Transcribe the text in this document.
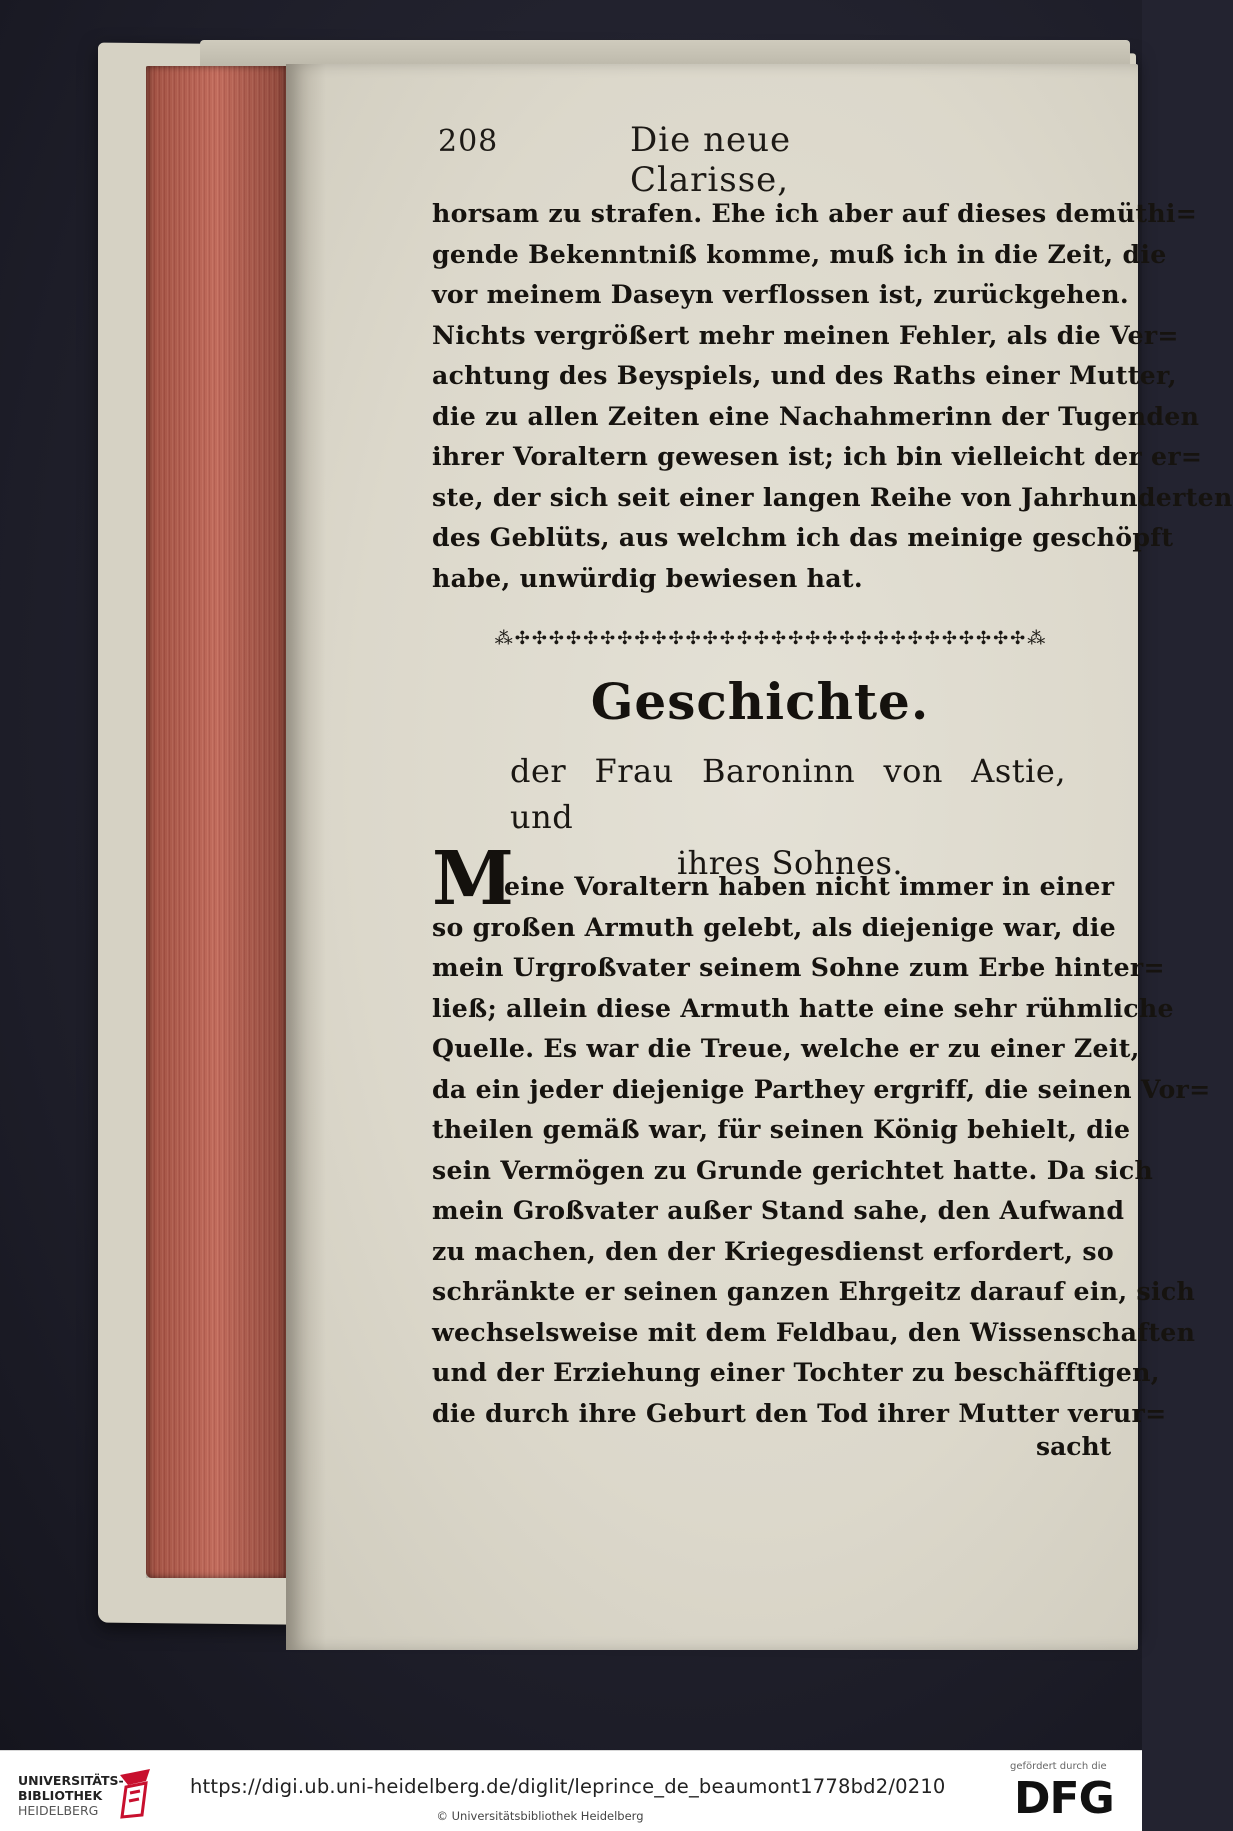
208	Die neue Clarisse,
horsam zu strafen. Ehe ich aber auf dieses demüthi=
gende Bekenntniß komme, muß ich in die Zeit, die
vor meinem Daseyn verflossen ist, zurückgehen.
Nichts vergrößert mehr meinen Fehler, als die Ver=
achtung des Beyspiels, und des Raths einer Mutter,
die zu allen Zeiten eine Nachahmerinn der Tugenden
ihrer Voraltern gewesen ist; ich bin vielleicht der er=
ste, der sich seit einer langen Reihe von Jahrhunderten
des Geblüts, aus welchm ich das meinige geschöpft
habe, unwürdig bewiesen hat.
⁂✣✣✣✣✣✣✣✣✣✣✣✣✣✣✣✣✣✣✣✣✣✣✣✣✣✣✣✣✣✣⁂
Geschichte.
der Frau Baroninn von Astie, und
ihres Sohnes.
M
eine Voraltern haben nicht immer in einer
so großen Armuth gelebt, als diejenige war, die
mein Urgroßvater seinem Sohne zum Erbe hinter=
ließ; allein diese Armuth hatte eine sehr rühmliche
Quelle. Es war die Treue, welche er zu einer Zeit,
da ein jeder diejenige Parthey ergriff, die seinen Vor=
theilen gemäß war, für seinen König behielt, die
sein Vermögen zu Grunde gerichtet hatte. Da sich
mein Großvater außer Stand sahe, den Aufwand
zu machen, den der Kriegesdienst erfordert, so
schränkte er seinen ganzen Ehrgeitz darauf ein, sich
wechselsweise mit dem Feldbau, den Wissenschaften
und der Erziehung einer Tochter zu beschäfftigen,
die durch ihre Geburt den Tod ihrer Mutter verur=
sacht
UNIVERSITÄTS-
BIBLIOTHEK
HEIDELBERG
https://digi.ub.uni-heidelberg.de/diglit/leprince_de_beaumont1778bd2/0210
© Universitätsbibliothek Heidelberg
gefördert durch die
DFG
